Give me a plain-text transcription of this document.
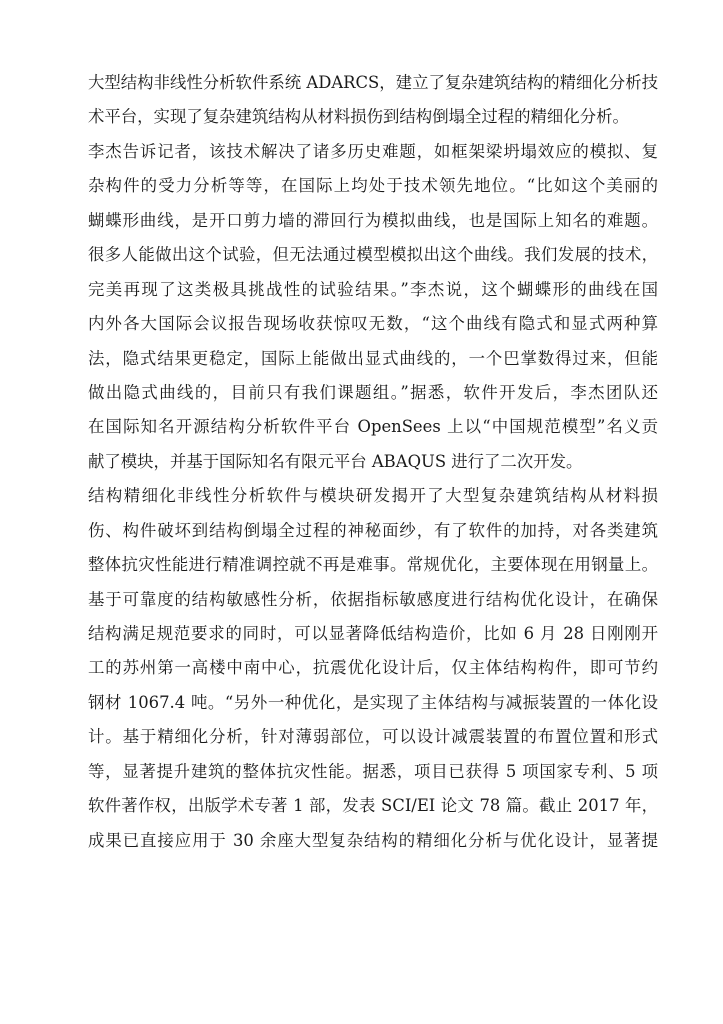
大型结构非线性分析软件系统 ADARCS，建立了复杂建筑结构的精细化分析技
术平台，实现了复杂建筑结构从材料损伤到结构倒塌全过程的精细化分析。
李杰告诉记者，该技术解决了诸多历史难题，如框架梁坍塌效应的模拟、复
杂构件的受力分析等等，在国际上均处于技术领先地位。“比如这个美丽的
蝴蝶形曲线，是开口剪力墙的滞回行为模拟曲线，也是国际上知名的难题。
很多人能做出这个试验，但无法通过模型模拟出这个曲线。我们发展的技术，
完美再现了这类极具挑战性的试验结果。”李杰说，这个蝴蝶形的曲线在国
内外各大国际会议报告现场收获惊叹无数，“这个曲线有隐式和显式两种算
法，隐式结果更稳定，国际上能做出显式曲线的，一个巴掌数得过来，但能
做出隐式曲线的，目前只有我们课题组。”据悉，软件开发后，李杰团队还
在国际知名开源结构分析软件平台 OpenSees 上以“中国规范模型”名义贡
献了模块，并基于国际知名有限元平台 ABAQUS 进行了二次开发。
结构精细化非线性分析软件与模块研发揭开了大型复杂建筑结构从材料损
伤、构件破坏到结构倒塌全过程的神秘面纱，有了软件的加持，对各类建筑
整体抗灾性能进行精准调控就不再是难事。常规优化，主要体现在用钢量上。
基于可靠度的结构敏感性分析，依据指标敏感度进行结构优化设计，在确保
结构满足规范要求的同时，可以显著降低结构造价，比如 6 月 28 日刚刚开
工的苏州第一高楼中南中心，抗震优化设计后，仅主体结构构件，即可节约
钢材 1067.4 吨。“另外一种优化，是实现了主体结构与减振装置的一体化设
计。基于精细化分析，针对薄弱部位，可以设计减震装置的布置位置和形式
等，显著提升建筑的整体抗灾性能。据悉，项目已获得 5 项国家专利、5 项
软件著作权，出版学术专著 1 部，发表 SCI/EI 论文 78 篇。截止 2017 年，
成果已直接应用于 30 余座大型复杂结构的精细化分析与优化设计，显著提
